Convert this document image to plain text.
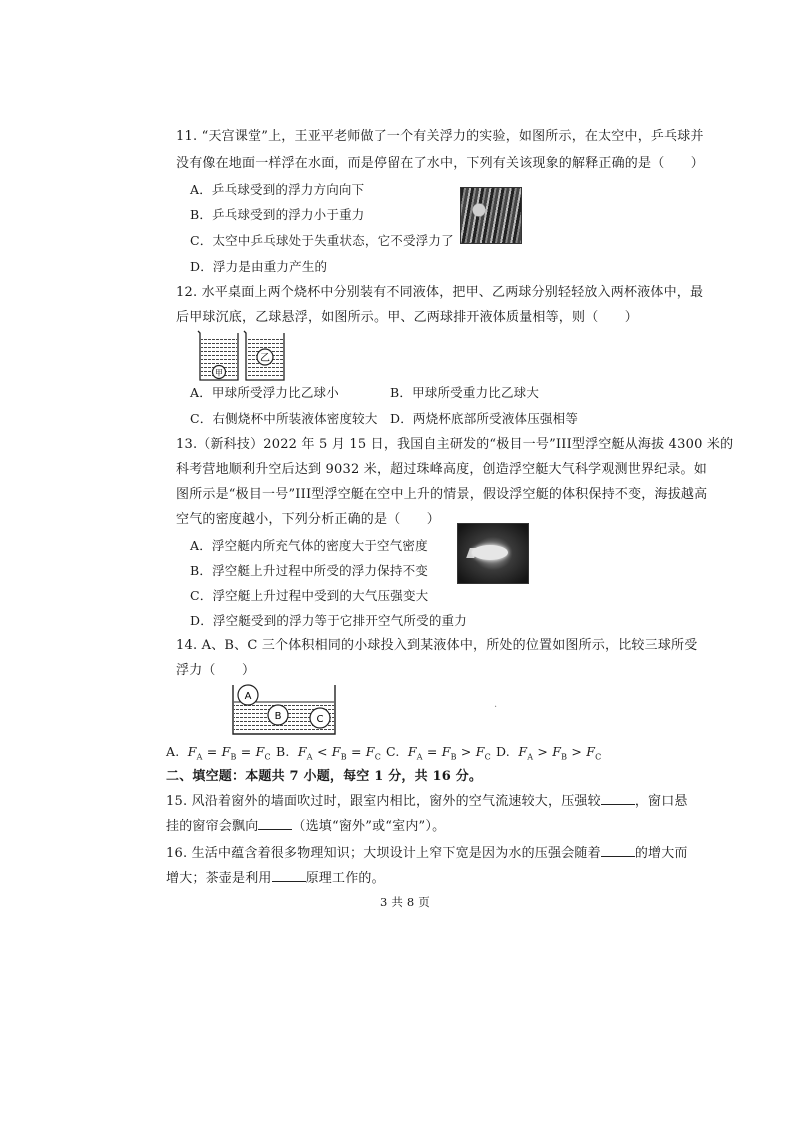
11. “天宫课堂”上，王亚平老师做了一个有关浮力的实验，如图所示，在太空中，乒乓球并
没有像在地面一样浮在水面，而是停留在了水中，下列有关该现象的解释正确的是（　　）
A．乒乓球受到的浮力方向向下
B．乒乓球受到的浮力小于重力
C．太空中乒乓球处于失重状态，它不受浮力了
D．浮力是由重力产生的
12. 水平桌面上两个烧杯中分别装有不同液体，把甲、乙两球分别轻轻放入两杯液体中，最
后甲球沉底，乙球悬浮，如图所示。甲、乙两球排开液体质量相等，则（　　）
甲
乙
A．甲球所受浮力比乙球小	B．甲球所受重力比乙球大
C．右侧烧杯中所装液体密度较大 D．两烧杯底部所受液体压强相等
13.（新科技）2022 年 5 月 15 日，我国自主研发的“极目一号”III型浮空艇从海拔 4300 米的
科考营地顺利升空后达到 9032 米，超过珠峰高度，创造浮空艇大气科学观测世界纪录。如
图所示是“极目一号”III型浮空艇在空中上升的情景，假设浮空艇的体积保持不变，海拔越高
空气的密度越小，下列分析正确的是（　　）
A．浮空艇内所充气体的密度大于空气密度
B．浮空艇上升过程中所受的浮力保持不变
C．浮空艇上升过程中受到的大气压强变大
D．浮空艇受到的浮力等于它排开空气所受的重力
14. A、B、C 三个体积相同的小球投入到某液体中，所处的位置如图所示，比较三球所受
浮力（　　）
A
B	C
·
A. $F_A = F_B = F_C$ B. $F_A < F_B = F_C$ C. $F_A = F_B > F_C$ D. $F_A > F_B > F_C$
二、填空题：本题共 7 小题，每空 1 分，共 16 分。
15. 风沿着窗外的墙面吹过时，跟室内相比，窗外的空气流速较大，压强较	，窗口悬
挂的窗帘会飘向	（选填“窗外”或“室内”）。
16. 生活中蕴含着很多物理知识；大坝设计上窄下宽是因为水的压强会随着	的增大而
增大；茶壶是利用	原理工作的。
3 共 8 页
